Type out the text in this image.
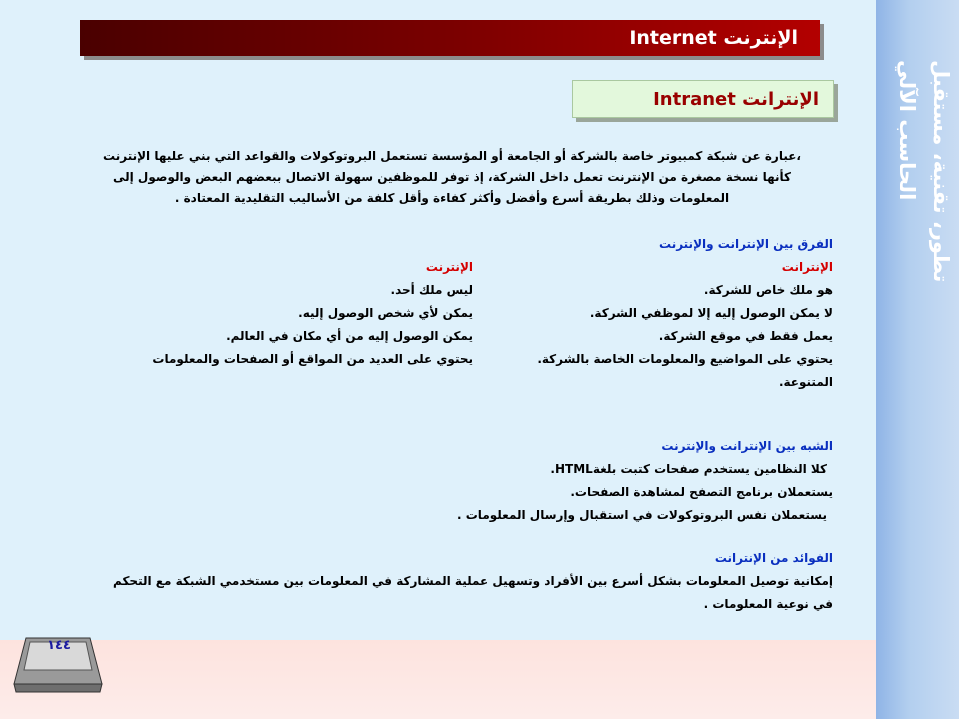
تطور، تقنية، مستقبل
الحاسب الآلي
الإنترنت Internet
الإنترانت Intranet
،عبارة عن شبكة كمبيوتر خاصة بالشركة أو الجامعة أو المؤسسة تستعمل البروتوكولات والقواعد التي بني عليها الإنترنت
كأنها نسخة مصغرة من الإنترنت تعمل داخل الشركة، إذ توفر للموظفين سهولة الاتصال ببعضهم البعض والوصول إلى
المعلومات وذلك بطريقة أسرع وأفضل وأكثر كفاءة وأقل كلفة من الأساليب التقليدية المعتادة .
الفرق بين الإنترانت والإنترنت
الإنترانت
الإنترنت
هو ملك خاص للشركة.
لا يمكن الوصول إليه إلا لموظفي الشركة.
يعمل فقط في موقع الشركة.
يحتوي على المواضيع والمعلومات الخاصة بالشركة.
المتنوعة.
ليس ملك أحد.
يمكن لأي شخص الوصول إليه.
يمكن الوصول إليه من أي مكان في العالم.
يحتوي على العديد من المواقع أو الصفحات والمعلومات
الشبه بين الإنترانت والإنترنت
كلا النظامين يستخدم صفحات كتبت بلغةHTML.
يستعملان برنامج التصفح لمشاهدة الصفحات.
يستعملان نفس البروتوكولات في استقبال وإرسال المعلومات .
الفوائد من الإنترانت
إمكانية توصيل المعلومات بشكل أسرع بين الأفراد وتسهيل عملية المشاركة في المعلومات بين مستخدمي الشبكة مع التحكم
في نوعية المعلومات .
١٤٤
